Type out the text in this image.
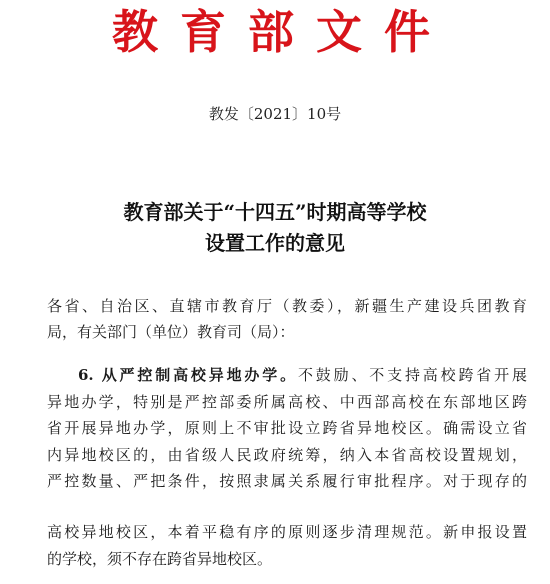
教育部文件
教发〔2021〕10号
教育部关于“十四五”时期高等学校
设置工作的意见
各省、自治区、直辖市教育厅（教委），新疆生产建设兵团教育
局，有关部门（单位）教育司（局）：
6. 从严控制高校异地办学。不鼓励、不支持高校跨省开展
异地办学，特别是严控部委所属高校、中西部高校在东部地区跨
省开展异地办学，原则上不审批设立跨省异地校区。确需设立省
内异地校区的，由省级人民政府统筹，纳入本省高校设置规划，
严控数量、严把条件，按照隶属关系履行审批程序。对于现存的
高校异地校区，本着平稳有序的原则逐步清理规范。新申报设置
的学校，须不存在跨省异地校区。
